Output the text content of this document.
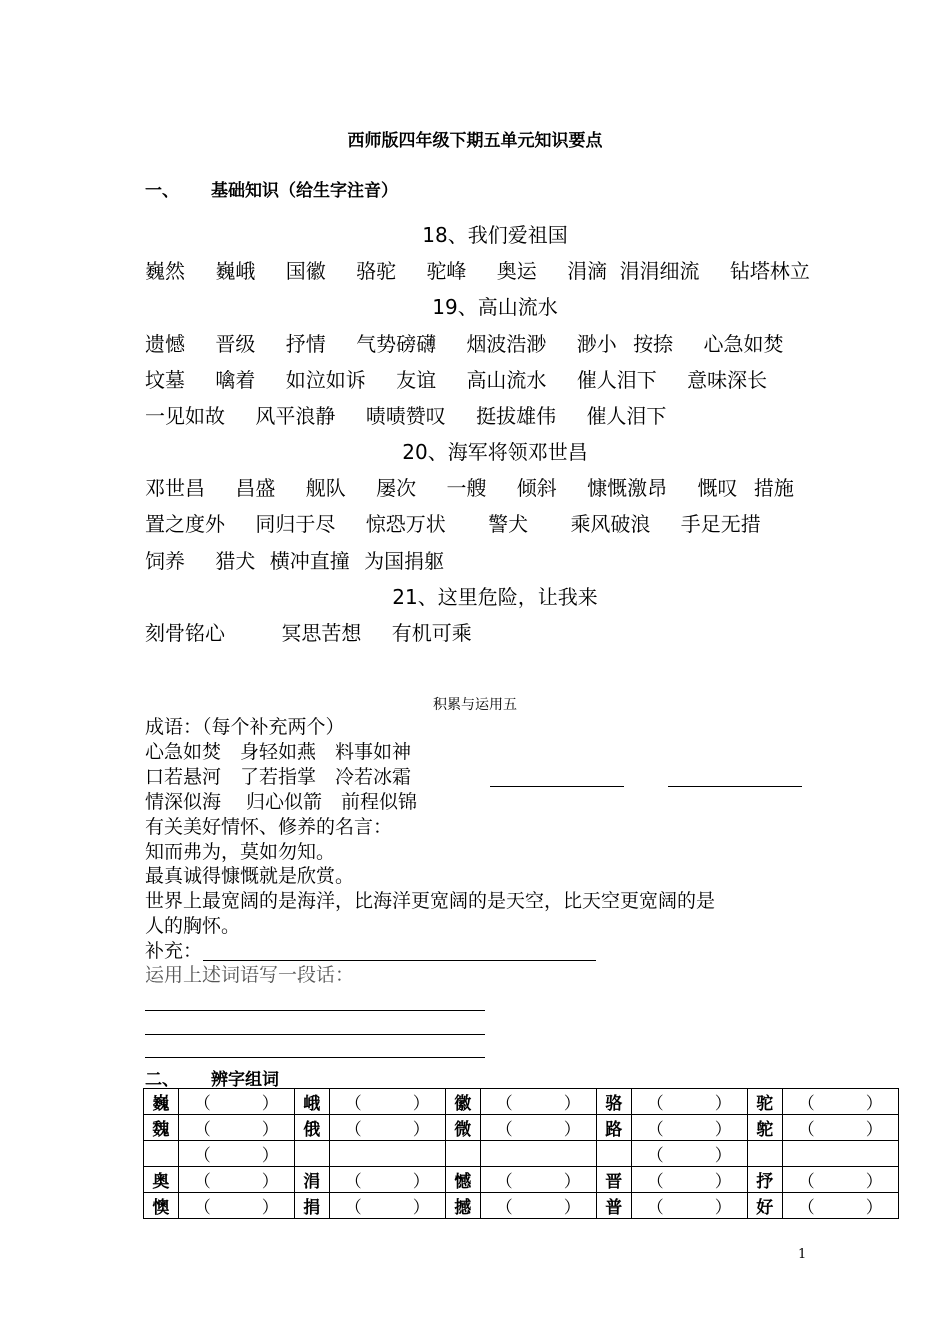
西师版四年级下期五单元知识要点
一、 基础知识（给生字注音）
18、我们爱祖国
巍然 巍峨 国徽 骆驼 驼峰 奥运 涓滴 涓涓细流 钻塔林立
19、高山流水
遗憾 晋级 抒情 气势磅礴 烟波浩渺 渺小 按捺 心急如焚
坟墓 噙着 如泣如诉 友谊 高山流水 催人泪下 意味深长
一见如故 风平浪静 啧啧赞叹 挺拔雄伟 催人泪下
20、海军将领邓世昌
邓世昌 昌盛 舰队 屡次 一艘 倾斜 慷慨激昂 慨叹 措施
置之度外 同归于尽 惊恐万状 警犬 乘风破浪 手足无措
饲养 猎犬 横冲直撞 为国捐躯
21、这里危险，让我来
刻骨铭心	冥思苦想 有机可乘
积累与运用五
成语：（每个补充两个）
心急如焚　身轻如燕　料事如神
口若悬河　了若指掌　冷若冰霜
情深似海　 归心似箭　前程似锦
有关美好情怀、修养的名言：
知而弗为，莫如勿知。
最真诚得慷慨就是欣赏。
世界上最宽阔的是海洋，比海洋更宽阔的是天空，比天空更宽阔的是
人的胸怀。
补充：
运用上述词语写一段话：
二、 辨字组词
巍	（　　　）	峨	（　　　）	徽	（　　　）	骆	（　　　）	驼	（　　　）
魏	（　　　）	俄	（　　　）	微	（　　　）	路	（　　　）	鸵	（　　　）
	（　　　）						（　　　）		
奥	（　　　）	涓	（　　　）	憾	（　　　）	晋	（　　　）	抒	（　　　）
懊	（　　　）	捐	（　　　）	撼	（　　　）	普	（　　　）	好	（　　　）
1
